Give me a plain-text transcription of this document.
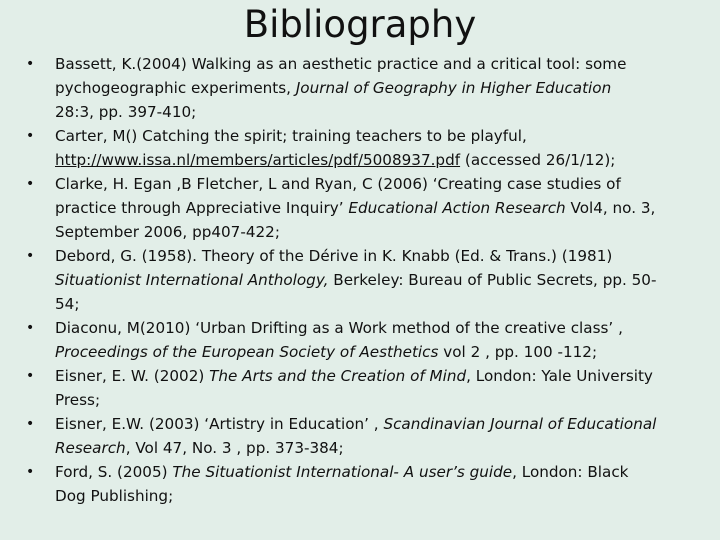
Bibliography
• Bassett, K.(2004) Walking as an aesthetic practice and a critical tool: some
pychogeographic experiments, Journal of Geography in Higher Education
28:3, pp. 397-410;
• Carter, M() Catching the spirit; training teachers to be playful,
http://www.issa.nl/members/articles/pdf/5008937.pdf (accessed 26/1/12);
• Clarke, H. Egan ,B Fletcher, L and Ryan, C (2006) ‘Creating case studies of
practice through Appreciative Inquiry’ Educational Action Research Vol4, no. 3,
September 2006, pp407-422;
• Debord, G. (1958). Theory of the Dérive in K. Knabb (Ed. & Trans.) (1981)
Situationist International Anthology, Berkeley: Bureau of Public Secrets, pp. 50-
54;
• Diaconu, M(2010) ‘Urban Drifting as a Work method of the creative class’ ,
Proceedings of the European Society of Aesthetics vol 2 , pp. 100 -112;
• Eisner, E. W. (2002) The Arts and the Creation of Mind, London: Yale University
Press;
• Eisner, E.W. (2003) ‘Artistry in Education’ , Scandinavian Journal of Educational
Research, Vol 47, No. 3 , pp. 373-384;
• Ford, S. (2005) The Situationist International- A user’s guide, London: Black
Dog Publishing;
